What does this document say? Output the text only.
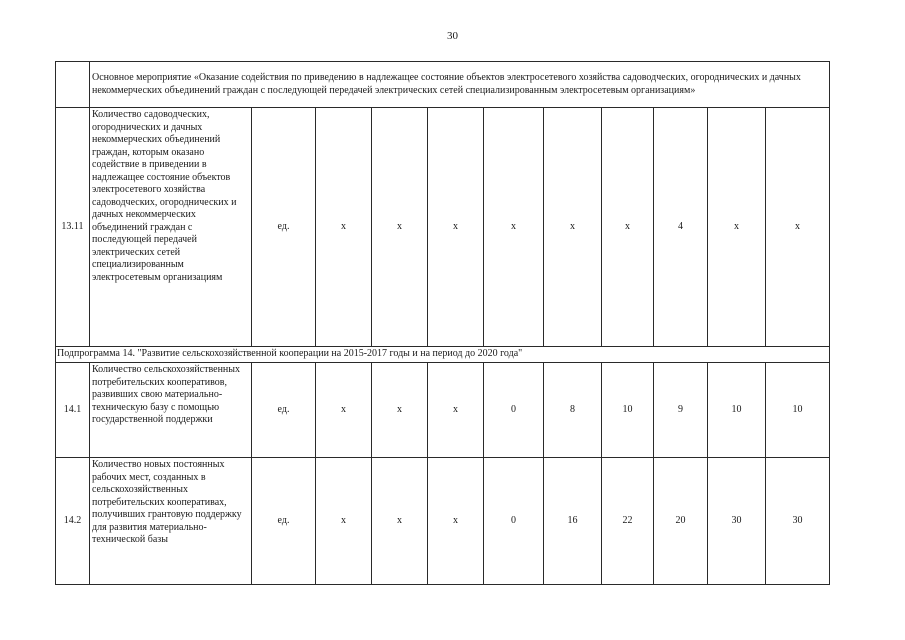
30
	Основное мероприятие «Оказание содействия по приведению в надлежащее состояние объектов электросетевого хозяйства садоводческих, огороднических и дачных некоммерческих объединений граждан с последующей передачей электрических сетей специализированным электросетевым организациям»										
13.11	Количество садоводческих, огороднических и дачных некоммерческих объединений граждан, которым оказано содействие в приведении в надлежащее состояние объектов электросетевого хозяйства садоводческих, огороднических и дачных некоммерческих объединений граждан с последующей передачей электрических сетей специализированным электросетевым организациям	ед.	x	x	x	x	x	x	4	x	x
Подпрограмма 14. "Развитие сельскохозяйственной кооперации на 2015-2017 годы и на период до 2020 года"											
14.1	Количество сельскохозяйственных потребительских кооперативов, развивших свою материально-техническую базу с помощью государственной поддержки	ед.	x	x	x	0	8	10	9	10	10
14.2	Количество новых постоянных рабочих мест, созданных в сельскохозяйственных потребительских кооперативах, получивших грантовую поддержку для развития материально-технической базы	ед.	x	x	x	0	16	22	20	30	30
